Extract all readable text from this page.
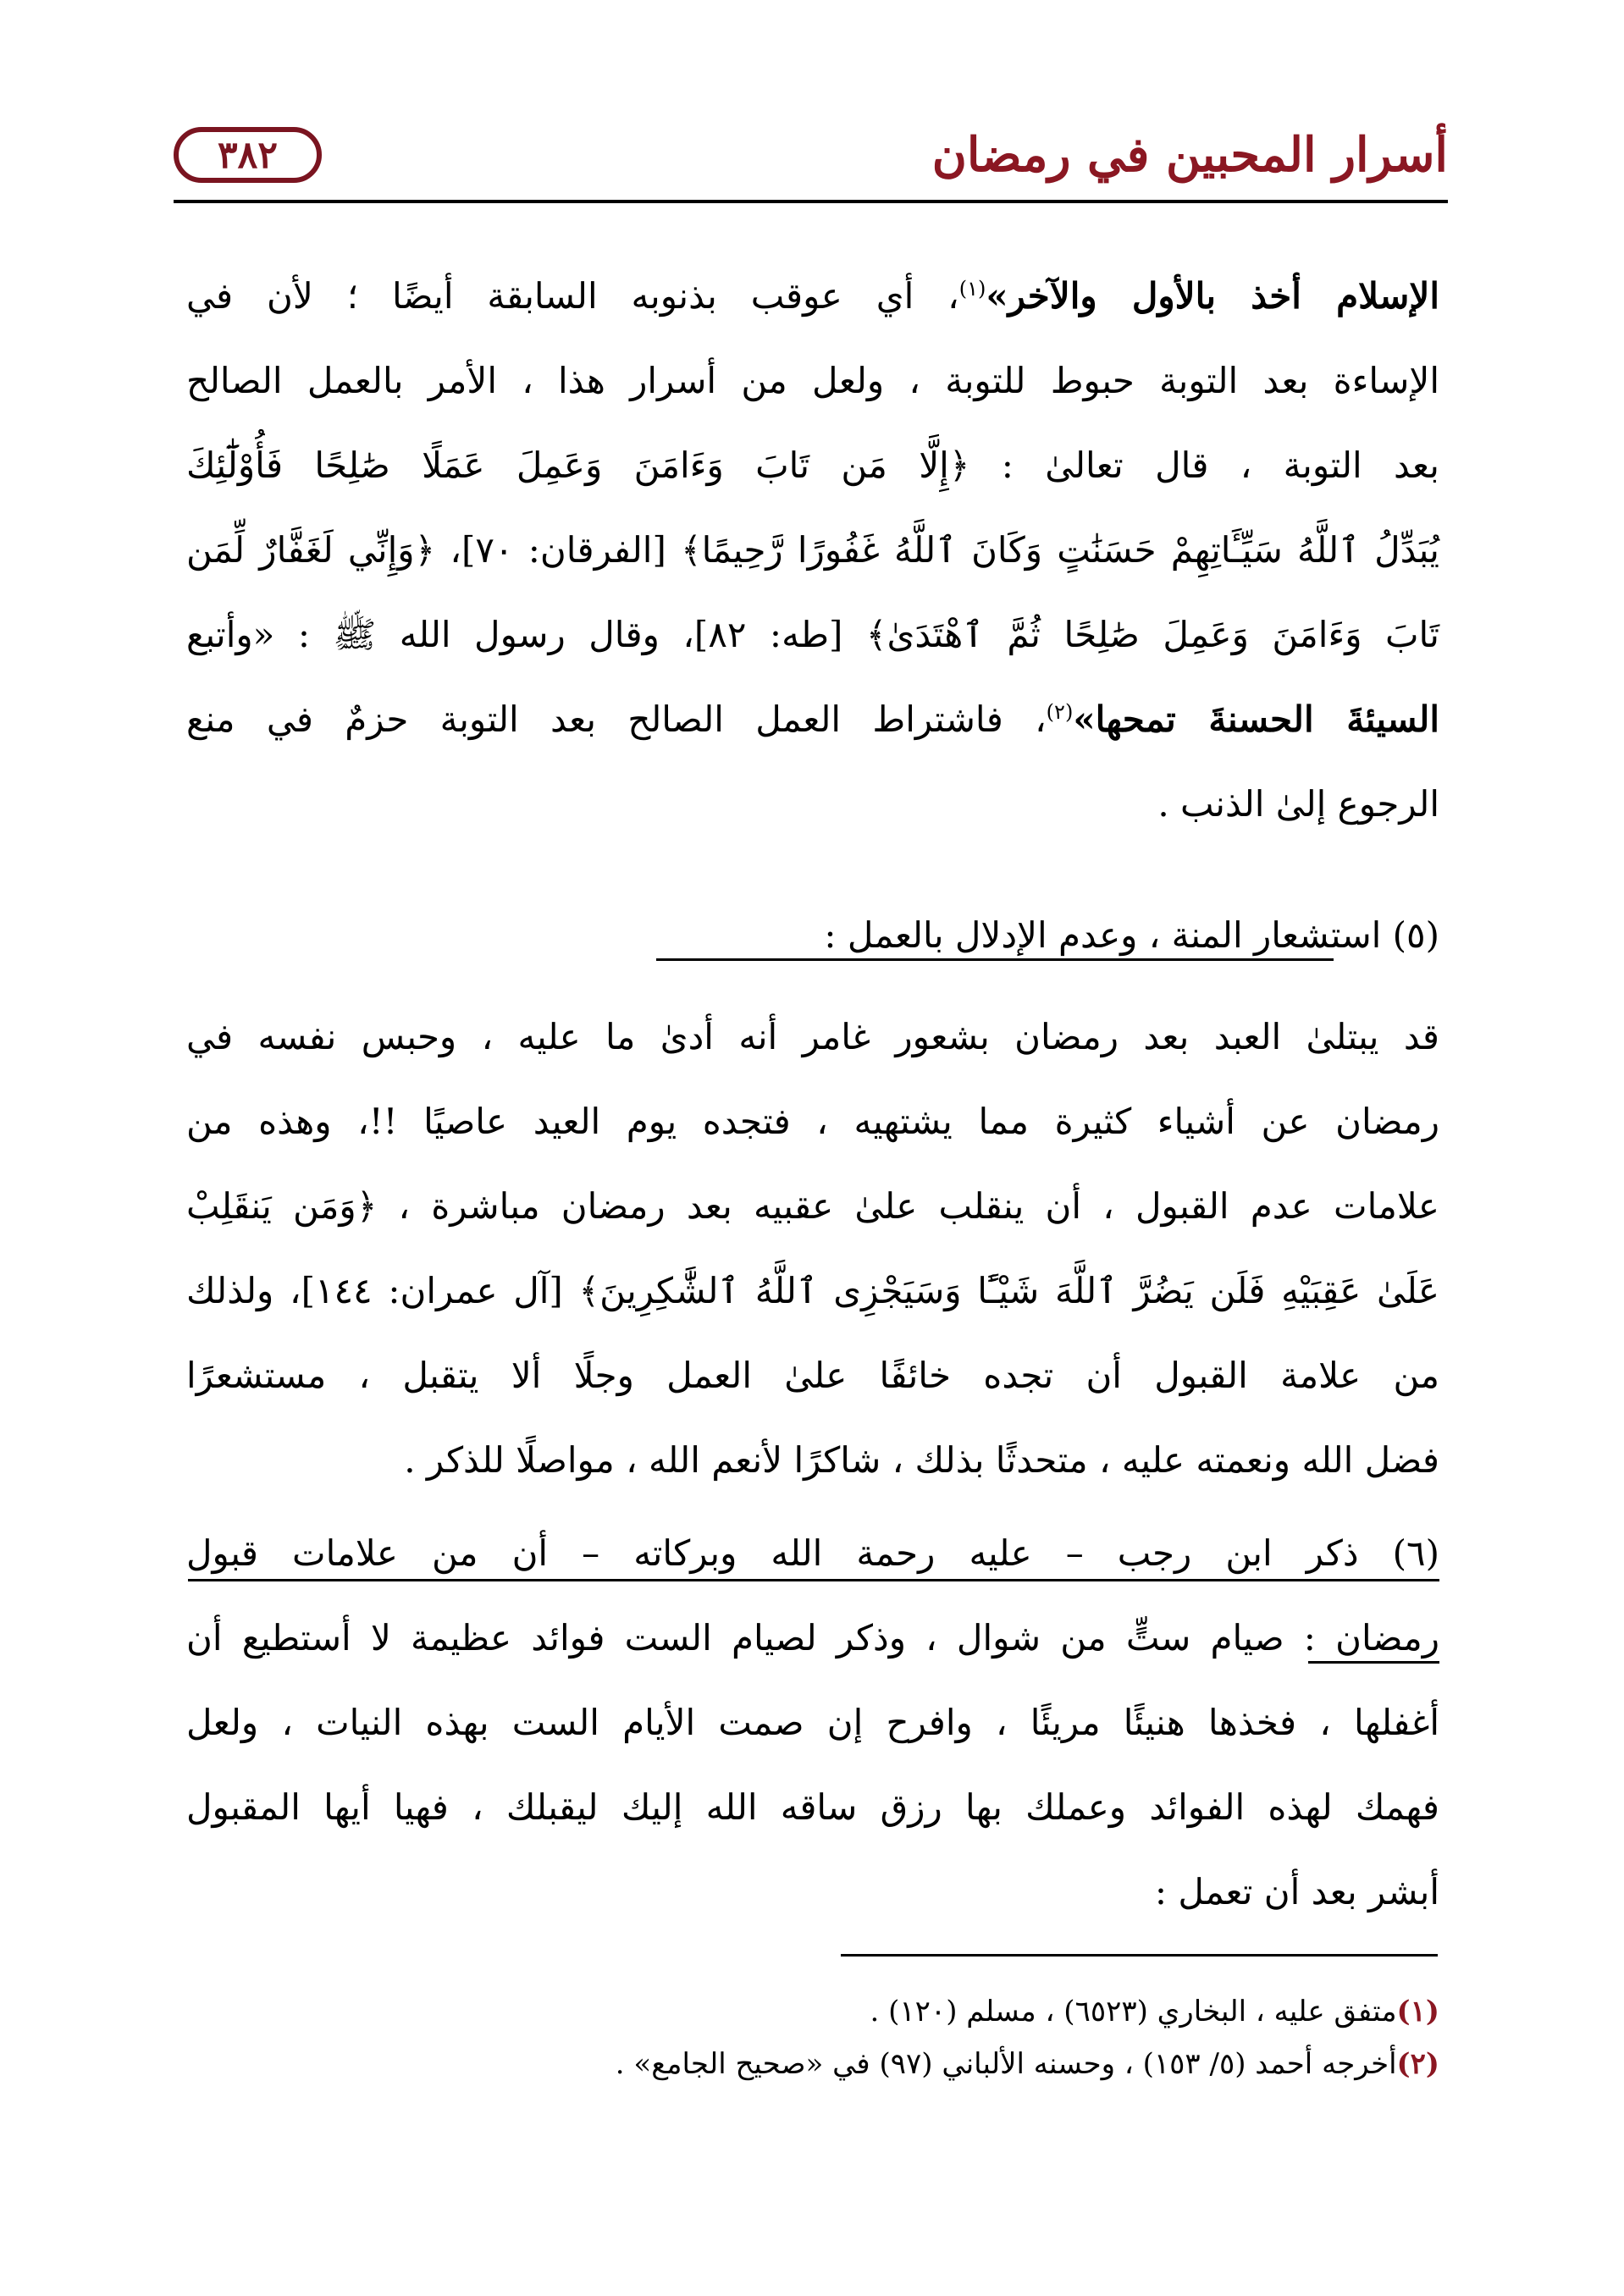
٣٨٢	أسرار المحبين في رمضان
الإسلام أخذ بالأول والآخر»$^{(١)}$، أي عوقب بذنوبه السابقة أيضًا ؛ لأن في
الإساءة بعد التوبة حبوط للتوبة ، ولعل من أسرار هذا ، الأمر بالعمل الصالح
بعد التوبة ، قال تعالىٰ : ﴿إِلَّا مَن تَابَ وَءَامَنَ وَعَمِلَ عَمَلًا صَٰلِحًا فَأُوْلَٰٓئِكَ
يُبَدِّلُ ٱللَّهُ سَيِّـَٔاتِهِمْ حَسَنَٰتٍ وَكَانَ ٱللَّهُ غَفُورًا رَّحِيمًا﴾ [الفرقان: ٧٠]، ﴿وَإِنِّي لَغَفَّارٌ لِّمَن
تَابَ وَءَامَنَ وَعَمِلَ صَٰلِحًا ثُمَّ ٱهْتَدَىٰ﴾ [طه: ٨٢]، وقال رسول الله ﷺ : «وأتبع
السيئةَ الحسنةَ تمحها»$^{(٢)}$، فاشتراط العمل الصالح بعد التوبة حزمٌ في منع
الرجوع إلىٰ الذنب .
(٥) استشعار المنة ، وعدم الإدلال بالعمل :
قد يبتلىٰ العبد بعد رمضان بشعور غامر أنه أدىٰ ما عليه ، وحبس نفسه في
رمضان عن أشياء كثيرة مما يشتهيه ، فتجده يوم العيد عاصيًا !!، وهذه من
علامات عدم القبول ، أن ينقلب علىٰ عقبيه بعد رمضان مباشرة ، ﴿وَمَن يَنقَلِبْ
عَلَىٰ عَقِبَيْهِ فَلَن يَضُرَّ ٱللَّهَ شَيْـًٔا وَسَيَجْزِى ٱللَّهُ ٱلشَّٰكِرِينَ﴾ [آل عمران: ١٤٤]، ولذلك
من علامة القبول أن تجده خائفًا علىٰ العمل وجلًا ألا يتقبل ، مستشعرًا
فضل الله ونعمته عليه ، متحدثًا بذلك ، شاكرًا لأنعم الله ، مواصلًا للذكر .
(٦) ذكر ابن رجب – عليه رحمة الله وبركاته – أن من علامات قبول
رمضان : صيام ستٍّ من شوال ، وذكر لصيام الست فوائد عظيمة لا أستطيع أن
أغفلها ، فخذها هنيئًا مريئًا ، وافرح إن صمت الأيام الست بهذه النيات ، ولعل
فهمك لهذه الفوائد وعملك بها رزق ساقه الله إليك ليقبلك ، فهيا أيها المقبول
أبشر بعد أن تعمل :
(١)متفق عليه ، البخاري (٦٥٢٣) ، مسلم (١٢٠) .
(٢)أخرجه أحمد (٥/ ١٥٣) ، وحسنه الألباني (٩٧) في «صحيح الجامع» .
